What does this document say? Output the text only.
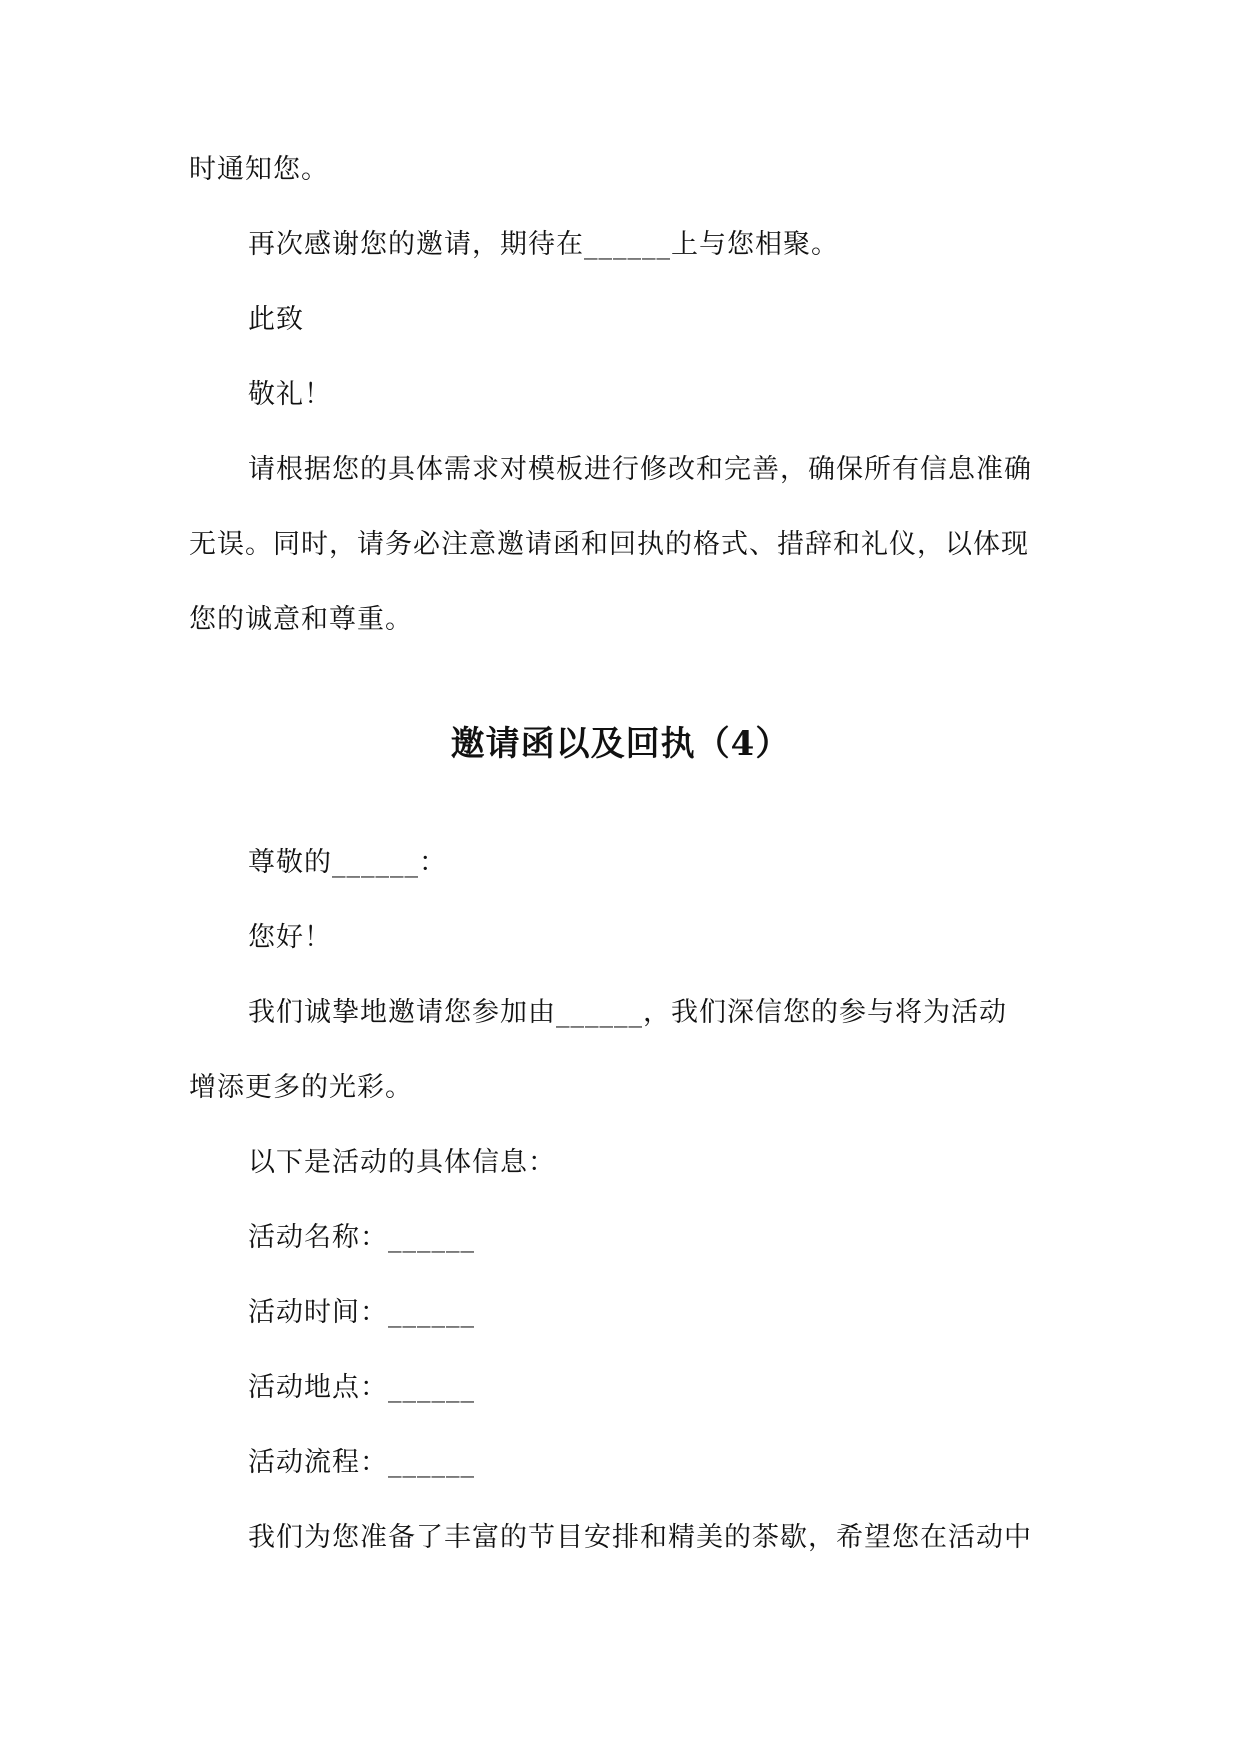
时通知您。
再次感谢您的邀请，期待在______上与您相聚。
此致
敬礼！
请根据您的具体需求对模板进行修改和完善，确保所有信息准确
无误。同时，请务必注意邀请函和回执的格式、措辞和礼仪，以体现
您的诚意和尊重。
邀请函以及回执（4）
尊敬的______：
您好！
我们诚挚地邀请您参加由______，我们深信您的参与将为活动
增添更多的光彩。
以下是活动的具体信息：
活动名称：______
活动时间：______
活动地点：______
活动流程：______
我们为您准备了丰富的节目安排和精美的茶歇，希望您在活动中
